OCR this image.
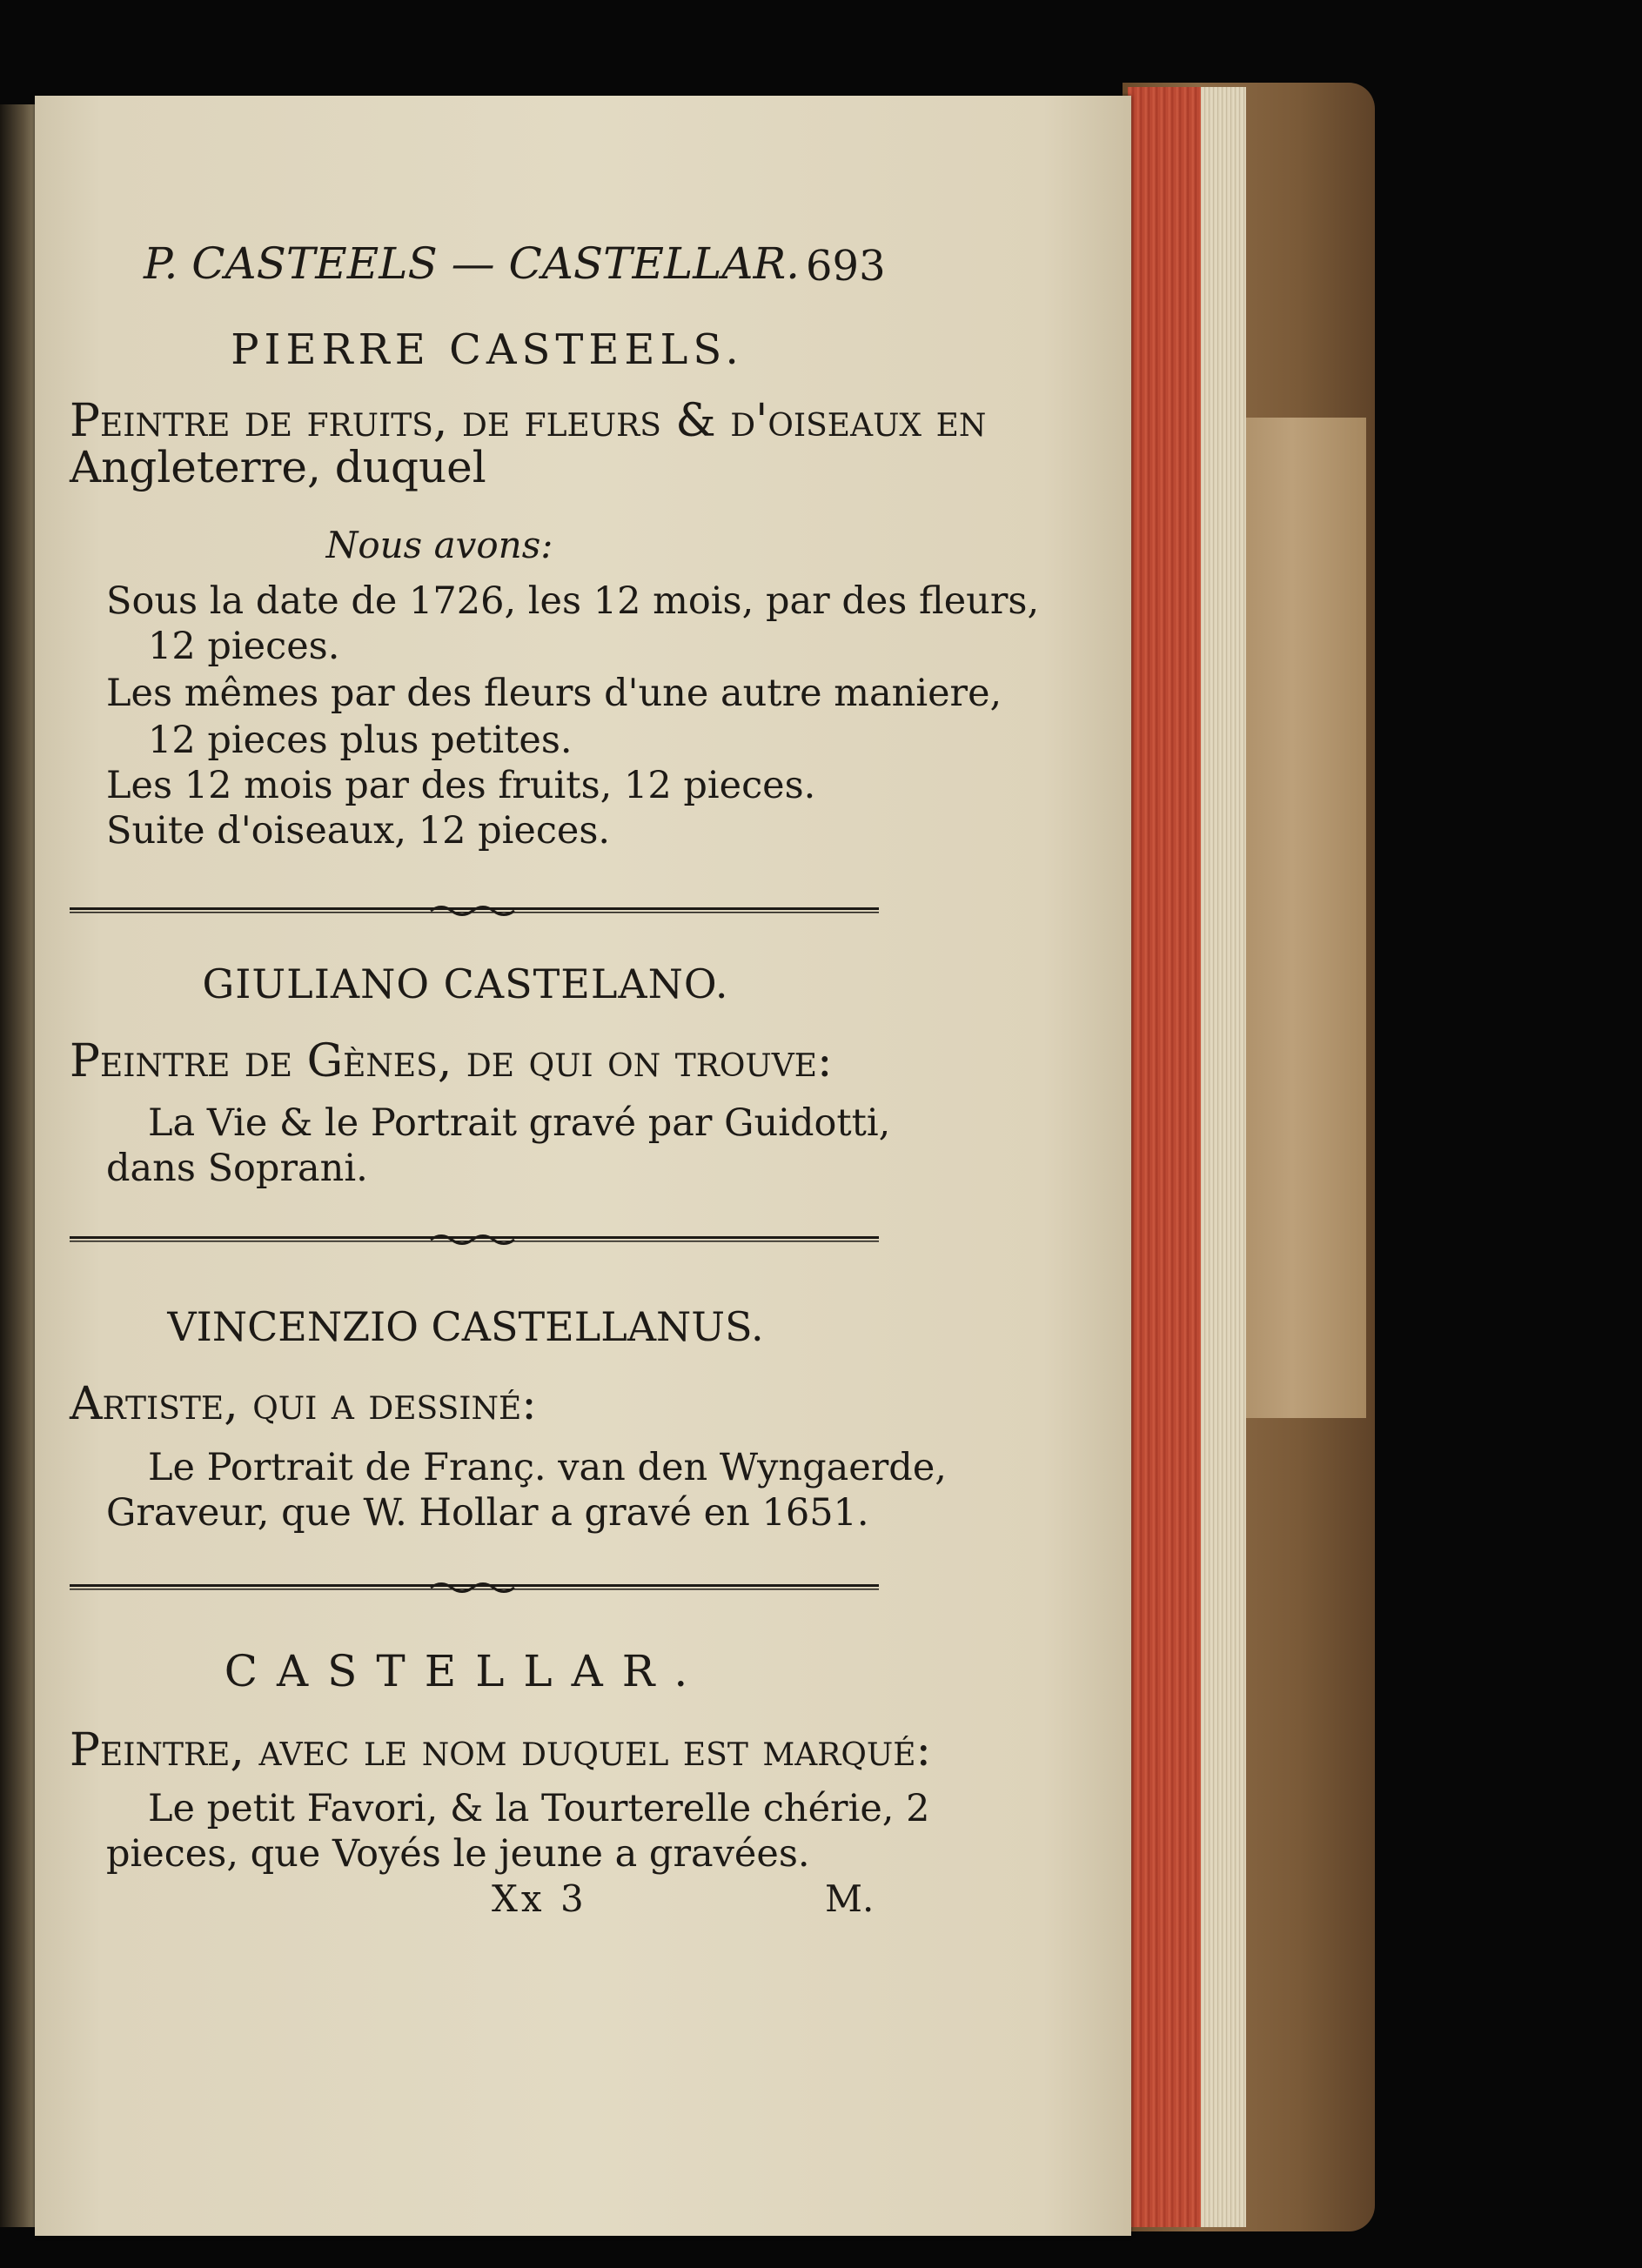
P. CASTEELS — CASTELLAR. 693
PIERRE CASTEELS.
Peintre de fruits, de fleurs & d'oiseaux en
Angleterre, duquel
Nous avons:
Sous la date de 1726, les 12 mois, par des fleurs,
12 pieces.
Les mêmes par des fleurs d'une autre maniere,
12 pieces plus petites.
Les 12 mois par des fruits, 12 pieces.
Suite d'oiseaux, 12 pieces.
GIULIANO CASTELANO.
Peintre de Gènes, de qui on trouve:
La Vie & le Portrait gravé par Guidotti,
dans Soprani.
VINCENZIO CASTELLANUS.
Artiste, qui a dessiné:
Le Portrait de Franç. van den Wyngaerde,
Graveur, que W. Hollar a gravé en 1651.
CASTELLAR.
Peintre, avec le nom duquel est marqué:
Le petit Favori, & la Tourterelle chérie, 2
pieces, que Voyés le jeune a gravées.
Xx 3	M.
